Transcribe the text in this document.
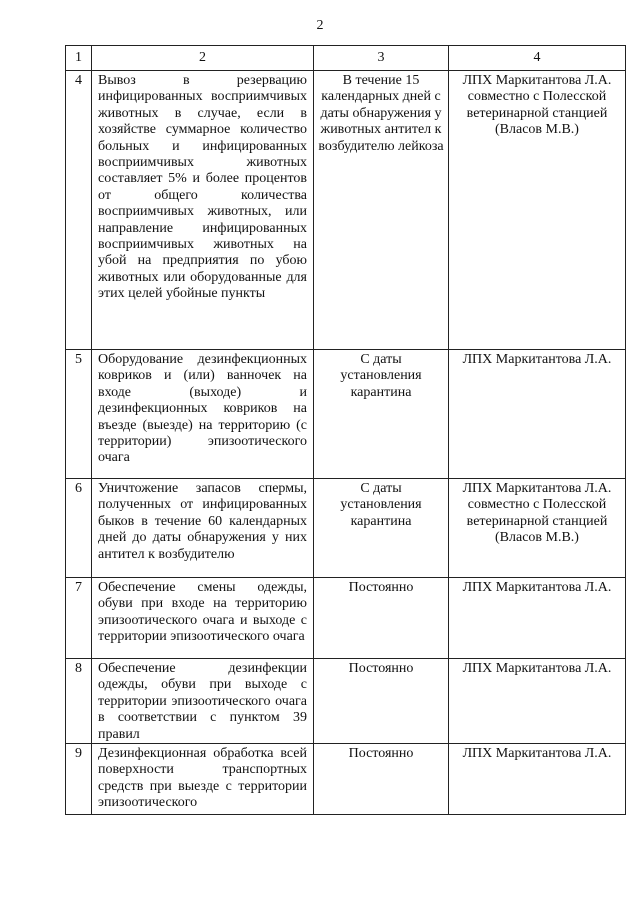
2
1	2	3	4
4	Вывоз в резервацию инфицированных восприимчивых животных в случае, если в хозяйстве суммарное количество больных и инфицированных восприимчивых животных составляет 5% и более процентов от общего количества восприимчивых животных, или направление инфицированных восприимчивых животных на убой на предприятия по убою животных или оборудованные для этих целей убойные пункты	В течение 15 календарных дней с даты обнаружения у животных антител к возбудителю лейкоза	ЛПХ Маркитантова Л.А. совместно с Полесской ветеринарной станцией (Власов М.В.)
5	Оборудование дезинфекционных ковриков и (или) ванночек на входе (выходе) и дезинфекционных ковриков на въезде (выезде) на территорию (с территории) эпизоотического очага	С даты установления карантина	ЛПХ Маркитантова Л.А.
6	Уничтожение запасов спермы, полученных от инфицированных быков в течение 60 календарных дней до даты обнаружения у них антител к возбудителю	С даты установления карантина	ЛПХ Маркитантова Л.А. совместно с Полесской ветеринарной станцией (Власов М.В.)
7	Обеспечение смены одежды, обуви при входе на территорию эпизоотического очага и выходе с территории эпизоотического очага	Постоянно	ЛПХ Маркитантова Л.А.
8	Обеспечение дезинфекции одежды, обуви при выходе с территории эпизоотического очага в соответствии с пунктом 39 правил	Постоянно	ЛПХ Маркитантова Л.А.
9	Дезинфекционная обработка всей поверхности транспортных средств при выезде с территории эпизоотического	Постоянно	ЛПХ Маркитантова Л.А.
